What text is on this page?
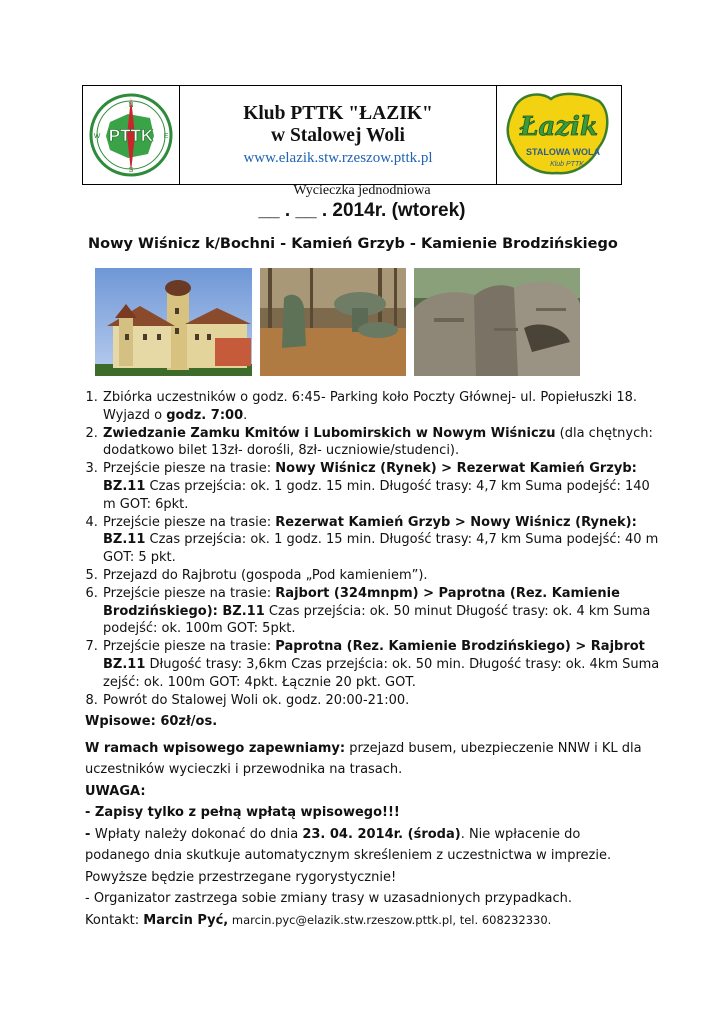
PTTK
N
E
W
S
Klub PTTK "ŁAZIK"
w Stalowej Woli
www.elazik.stw.rzeszow.pttk.pl
Łazik
STALOWA WOLA
Klub PTTK
Wycieczka jednodniowa
__ . __ . 2014r. (wtorek)
Nowy Wiśnicz k/Bochni - Kamień Grzyb - Kamienie Brodzińskiego
1. Zbiórka uczestników o godz. 6:45- Parking koło Poczty Głównej- ul. Popiełuszki 18. Wyjazd o godz. 7:00.
2. Zwiedzanie Zamku Kmitów i Lubomirskich w Nowym Wiśniczu (dla chętnych: dodatkowo bilet 13zł- dorośli, 8zł- uczniowie/studenci).
3. Przejście piesze na trasie: Nowy Wiśnicz (Rynek) > Rezerwat Kamień Grzyb: BZ.11 Czas przejścia: ok. 1 godz. 15 min. Długość trasy: 4,7 km Suma podejść: 140 m GOT: 6pkt.
4. Przejście piesze na trasie: Rezerwat Kamień Grzyb > Nowy Wiśnicz (Rynek): BZ.11 Czas przejścia: ok. 1 godz. 15 min. Długość trasy: 4,7 km Suma podejść: 40 m GOT: 5 pkt.
5. Przejazd do Rajbrotu (gospoda „Pod kamieniem”).
6. Przejście piesze na trasie: Rajbort (324mnpm) > Paprotna (Rez. Kamienie Brodzińskiego): BZ.11 Czas przejścia: ok. 50 minut Długość trasy: ok. 4 km Suma podejść: ok. 100m GOT: 5pkt.
7. Przejście piesze na trasie: Paprotna (Rez. Kamienie Brodzińskiego) > Rajbrot BZ.11 Długość trasy: 3,6km Czas przejścia: ok. 50 min. Długość trasy: ok. 4km Suma zejść: ok. 100m GOT: 4pkt. Łącznie 20 pkt. GOT.
8. Powrót do Stalowej Woli ok. godz. 20:00-21:00.

Wpisowe: 60zł/os.

W ramach wpisowego zapewniamy: przejazd busem, ubezpieczenie NNW i KL dla uczestników wycieczki i przewodnika na trasach.

UWAGA:

- Zapisy tylko z pełną wpłatą wpisowego!!!

- Wpłaty należy dokonać do dnia 23. 04. 2014r. (środa). Nie wpłacenie do podanego dnia skutkuje automatycznym skreśleniem z uczestnictwa w imprezie. Powyższe będzie przestrzegane rygorystycznie!

- Organizator zastrzega sobie zmiany trasy w uzasadnionych przypadkach.

Kontakt: Marcin Pyć, marcin.pyc@elazik.stw.rzeszow.pttk.pl, tel. 608232330.
